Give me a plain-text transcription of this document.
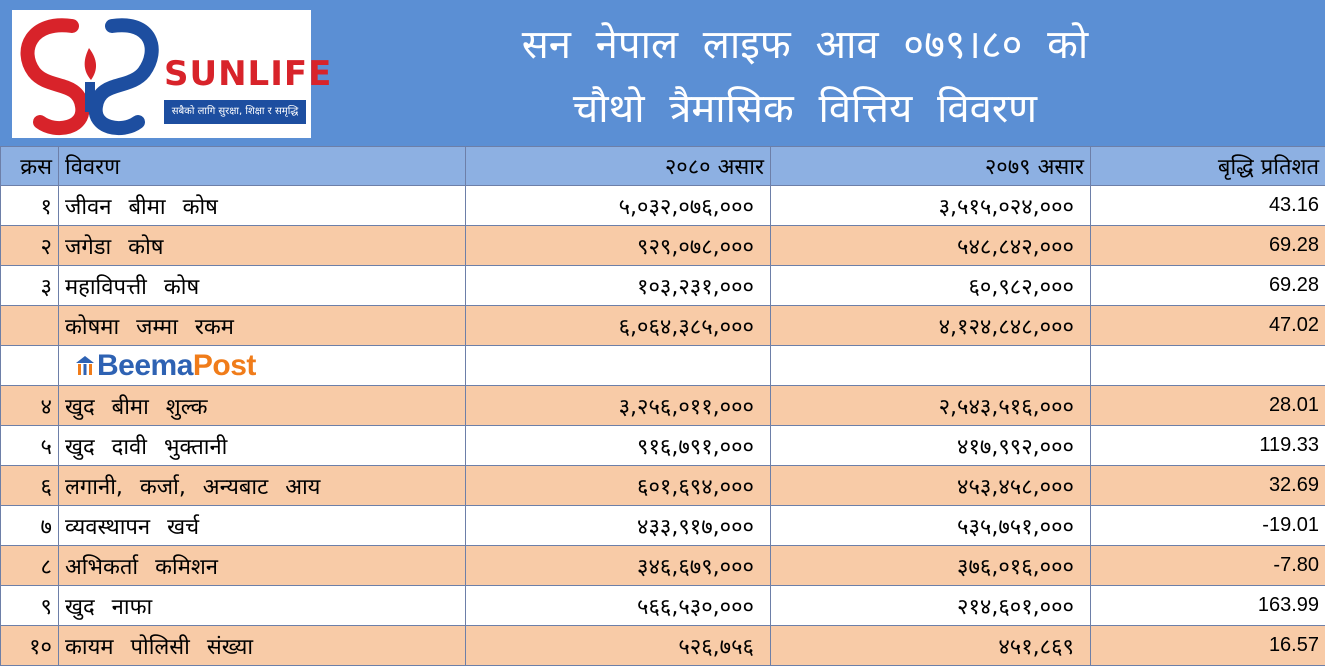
SUNLIFE
सबैको लागि सुरक्षा, शिक्षा र समृद्धि
सन नेपाल लाइफ आव ०७९।८० को
चौथो त्रैमासिक वित्तिय विवरण
क्रस	विवरण	२०८० असार	२०७९ असार	बृद्धि प्रतिशत
१	जीवन बीमा कोष	५,०३२,०७६,०००	३,५१५,०२४,०००	43.16
२	जगेडा कोष	९२९,०७८,०००	५४८,८४२,०००	69.28
३	महाविपत्ती कोष	१०३,२३१,०००	६०,९८२,०००	69.28
	कोषमा जम्मा रकम	६,०६४,३८५,०००	४,१२४,८४८,०००	47.02
	BeemaPost			
४	खुद बीमा शुल्क	३,२५६,०११,०००	२,५४३,५१६,०००	28.01
५	खुद दावी भुक्तानी	९१६,७९१,०००	४१७,९९२,०००	119.33
६	लगानी, कर्जा, अन्यबाट आय	६०१,६९४,०००	४५३,४५८,०००	32.69
७	व्यवस्थापन खर्च	४३३,९१७,०००	५३५,७५१,०००	-19.01
८	अभिकर्ता कमिशन	३४६,६७९,०००	३७६,०१६,०००	-7.80
९	खुद नाफा	५६६,५३०,०००	२१४,६०१,०००	163.99
१०	कायम पोलिसी संख्या	५२६,७५६	४५१,८६९	16.57
